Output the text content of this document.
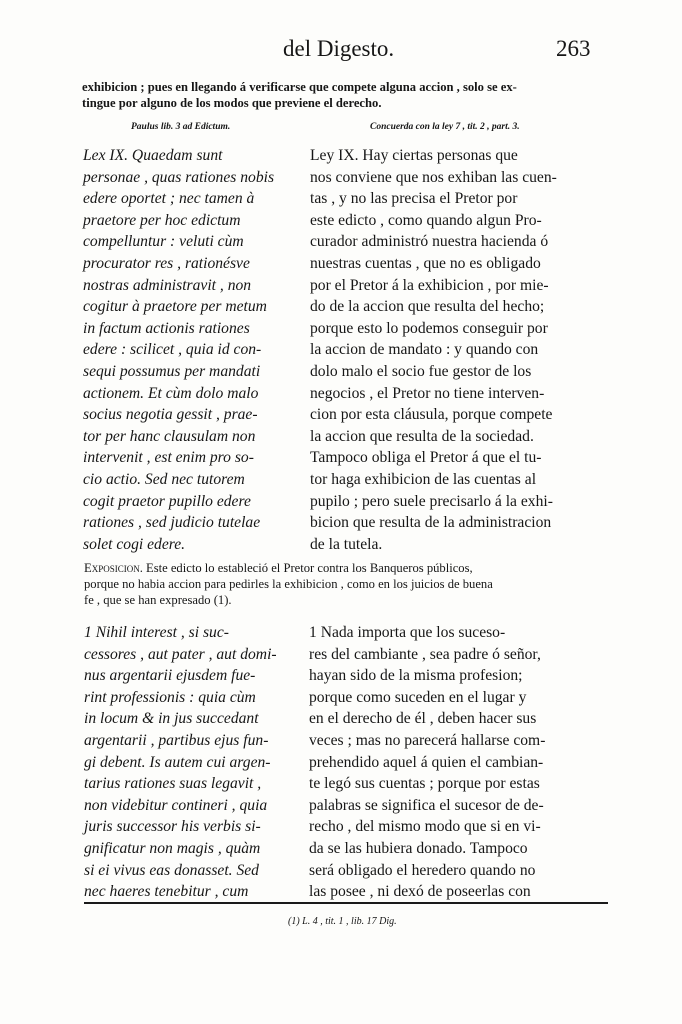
del Digesto.	263
exhibicion ; pues en llegando á verificarse que compete alguna accion , solo se ex-
tingue por alguno de los modos que previene el derecho.
Paulus lib. 3 ad Edictum.	Concuerda con la ley 7 , tit. 2 , part. 3.
Lex IX. Quaedam sunt
personae , quas rationes nobis
edere oportet ; nec tamen à
praetore per hoc edictum
compelluntur : veluti cùm
procurator res , rationésve
nostras administravit , non
cogitur à praetore per metum
in factum actionis rationes
edere : scilicet , quia id con-
sequi possumus per mandati
actionem. Et cùm dolo malo
socius negotia gessit , prae-
tor per hanc clausulam non
intervenit , est enim pro so-
cio actio. Sed nec tutorem
cogit praetor pupillo edere
rationes , sed judicio tutelae
solet cogi edere.
Ley IX. Hay ciertas personas que
nos conviene que nos exhiban las cuen-
tas , y no las precisa el Pretor por
este edicto , como quando algun Pro-
curador administró nuestra hacienda ó
nuestras cuentas , que no es obligado
por el Pretor á la exhibicion , por mie-
do de la accion que resulta del hecho;
porque esto lo podemos conseguir por
la accion de mandato : y quando con
dolo malo el socio fue gestor de los
negocios , el Pretor no tiene interven-
cion por esta cláusula, porque compete
la accion que resulta de la sociedad.
Tampoco obliga el Pretor á que el tu-
tor haga exhibicion de las cuentas al
pupilo ; pero suele precisarlo á la exhi-
bicion que resulta de la administracion
de la tutela.
Exposicion. Este edicto lo estableció el Pretor contra los Banqueros públicos,
porque no habia accion para pedirles la exhibicion , como en los juicios de buena
fe , que se han expresado (1).
1 Nihil interest , si suc-
cessores , aut pater , aut domi-
nus argentarii ejusdem fue-
rint professionis : quia cùm
in locum & in jus succedant
argentarii , partibus ejus fun-
gi debent. Is autem cui argen-
tarius rationes suas legavit ,
non videbitur contineri , quia
juris successor his verbis si-
gnificatur non magis , quàm
si ei vivus eas donasset. Sed
nec haeres tenebitur , cum
1 Nada importa que los suceso-
res del cambiante , sea padre ó señor,
hayan sido de la misma profesion;
porque como suceden en el lugar y
en el derecho de él , deben hacer sus
veces ; mas no parecerá hallarse com-
prehendido aquel á quien el cambian-
te legó sus cuentas ; porque por estas
palabras se significa el sucesor de de-
recho , del mismo modo que si en vi-
da se las hubiera donado. Tampoco
será obligado el heredero quando no
las posee , ni dexó de poseerlas con
(1) L. 4 , tit. 1 , lib. 17 Dig.
